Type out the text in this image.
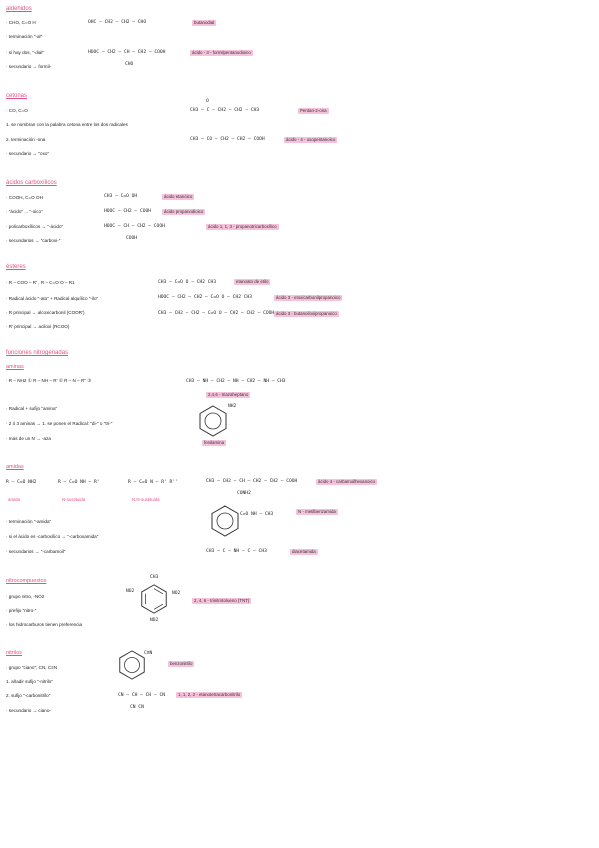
aldehidos
· CHO, C=O H
· terminación "-al"
· si hay dos, "-dial"
· secundario → formil-
OHC – CH2 – CH2 – CHO	butanodial
HOOC – CH2 – CH – CH2 – COOH
CHO
ácido - 3 - formilpentanodioico
cetonas
· CO, C=O
1. se nombran con la palabra cetona entre los dos radicales
2. terminación -ona
· secundario → "oxo"
O
CH3 – C – CH2 – CH2 – CH3	Pentan-2-ona
CH3 – CO – CH2 – CH2 – COOH	ácido - 4 - oxopentanoico
ácidos carboxílicos
· COOH, C=O OH
· "ácido" ... "-oico"
· policarboxílicos → "-ácido"
· secundarios → "carboxi-"
CH3 – C=O OH	ácido etanóico
HOOC – CH2 – COOH	ácido propanodioico
HOOC – CH – CH2 – COOH
COOH
ácido 1, 1, 3 - propanotricarboxílico
ésteres
· R – COO – R' , R – C=O O – R1
· Radical ácido "-ato" + Radical alquílico "-ilo"
· R principal → alcoxicarbonil (COOR')
· R' principal → aciloxi (RCOO)
CH3 – C=O O – CH2 CH3	etanoato de etilo
HOOC – CH2 – CH2 – C=O O – CH2 CH3	ácido 3 - etoxicarbonilpropanoico
CH3 – CH2 – CH2 – C=O O – CH2 – CH2 – COOH ácido 3 - butanoiloxipropanoico
funciones nitrogenadas
aminas
· R – NH2 ① R – NH – R' ② R – N – R'' ③
· Radical + sufijo "amina"
· 2 ó 3 aminas → 1. se ponen el Radical: "di-" o "tri-"
· más de un N → -aza
CH3 – NH – CH2 – NH – CH2 – NH – CH3
2,4,6 - triazaheptano
NH2
fenilamina
amidas
R – C=O NH2	R – C=O NH – R'	R – C=O N – R' R''
amida	N-sustituida	N,N-sustituida
· terminación "-amida"
· si el ácido es -carboxílico → "-carboxamida"
· secundarios → "-carbamoil"
CH3 – CH2 – CH – CH2 – CH2 – COOH
CONH2
ácido 4 - carbamoilhexanoico
C=O NH – CH3
N - metilbenzamida
CH3 – C – NH – C – CH3	diacetamida
nitrocompuestos
· grupo nitro, -NO2
· prefijo "nitro-"
· los hidrocarburos tienen preferencia
CH3
NO2	NO2
NO2
2, 4, 6 - trinitrotolueno (TNT)
nitrilos
· grupo "ciano"; CN, C≡N
1. añadir sufijo "-nitrilo"
2. sufijo "-carbonitrilo"
· secundario → ciano-
C≡N
benzonitrilo
CN – CH – CH – CN
CN CN
1, 1, 2, 2 - etanotetracarbonitrilo
